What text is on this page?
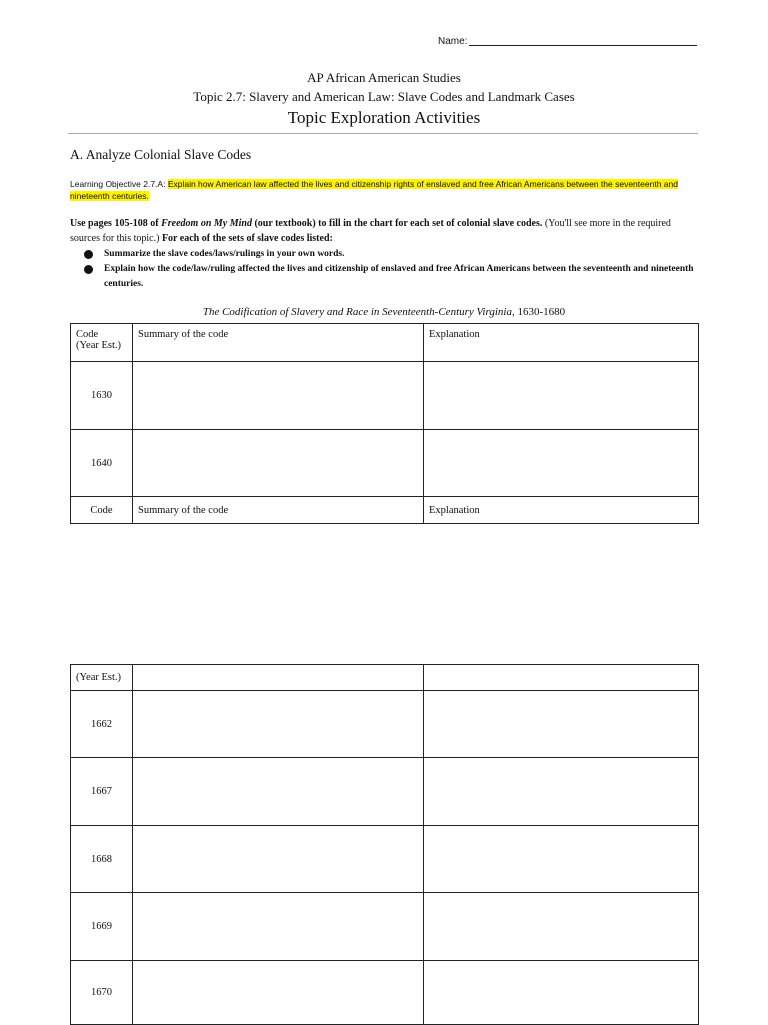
Name:
AP African American Studies
Topic 2.7: Slavery and American Law: Slave Codes and Landmark Cases
Topic Exploration Activities
A. Analyze Colonial Slave Codes
Learning Objective 2.7.A: Explain how American law affected the lives and citizenship rights of enslaved and free African Americans between the seventeenth and nineteenth centuries.
Use pages 105-108 of Freedom on My Mind (our textbook) to fill in the chart for each set of colonial slave codes. (You'll see more in the required sources for this topic.) For each of the sets of slave codes listed:
Summarize the slave codes/laws/rulings in your own words.
Explain how the code/law/ruling affected the lives and citizenship of enslaved and free African Americans between the seventeenth and nineteenth centuries.
The Codification of Slavery and Race in Seventeenth-Century Virginia, 1630-1680
Code
(Year Est.)	Summary of the code	Explanation
1630		
1640		
Code	Summary of the code	Explanation
(Year Est.)		
1662		
1667		
1668		
1669		
1670		
